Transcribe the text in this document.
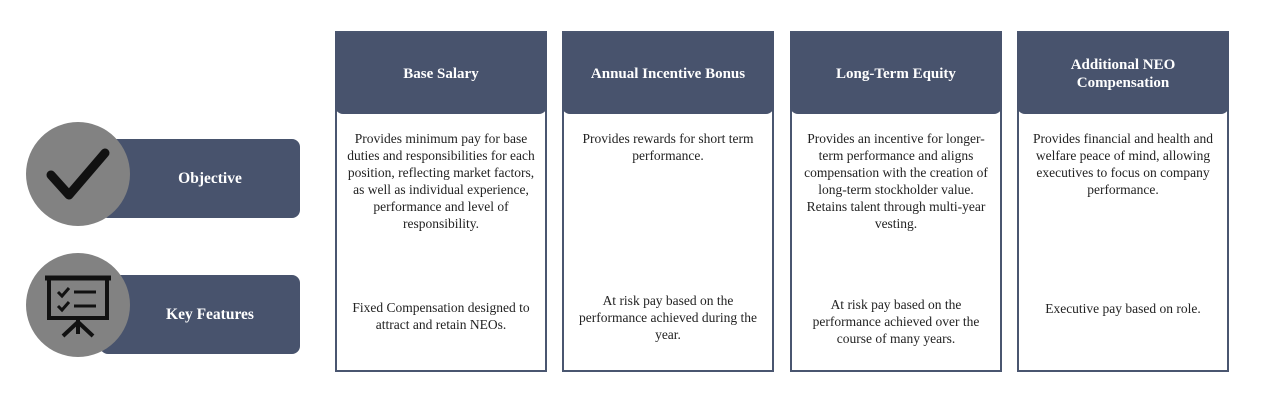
Objective
Key Features
Base Salary
Provides minimum pay for base duties and responsibilities for each position, reflecting market factors, as well as individual experience, performance and level of responsibility.
Fixed Compensation designed to attract and retain NEOs.
Annual Incentive Bonus
Provides rewards for short term performance.
At risk pay based on the performance achieved during the year.
Long-Term Equity
Provides an incentive for longer-term performance and aligns compensation with the creation of long-term stockholder value. Retains talent through multi-year vesting.
At risk pay based on the performance achieved over the course of many years.
Additional NEO Compensation
Provides financial and health and welfare peace of mind, allowing executives to focus on company performance.
Executive pay based on role.
